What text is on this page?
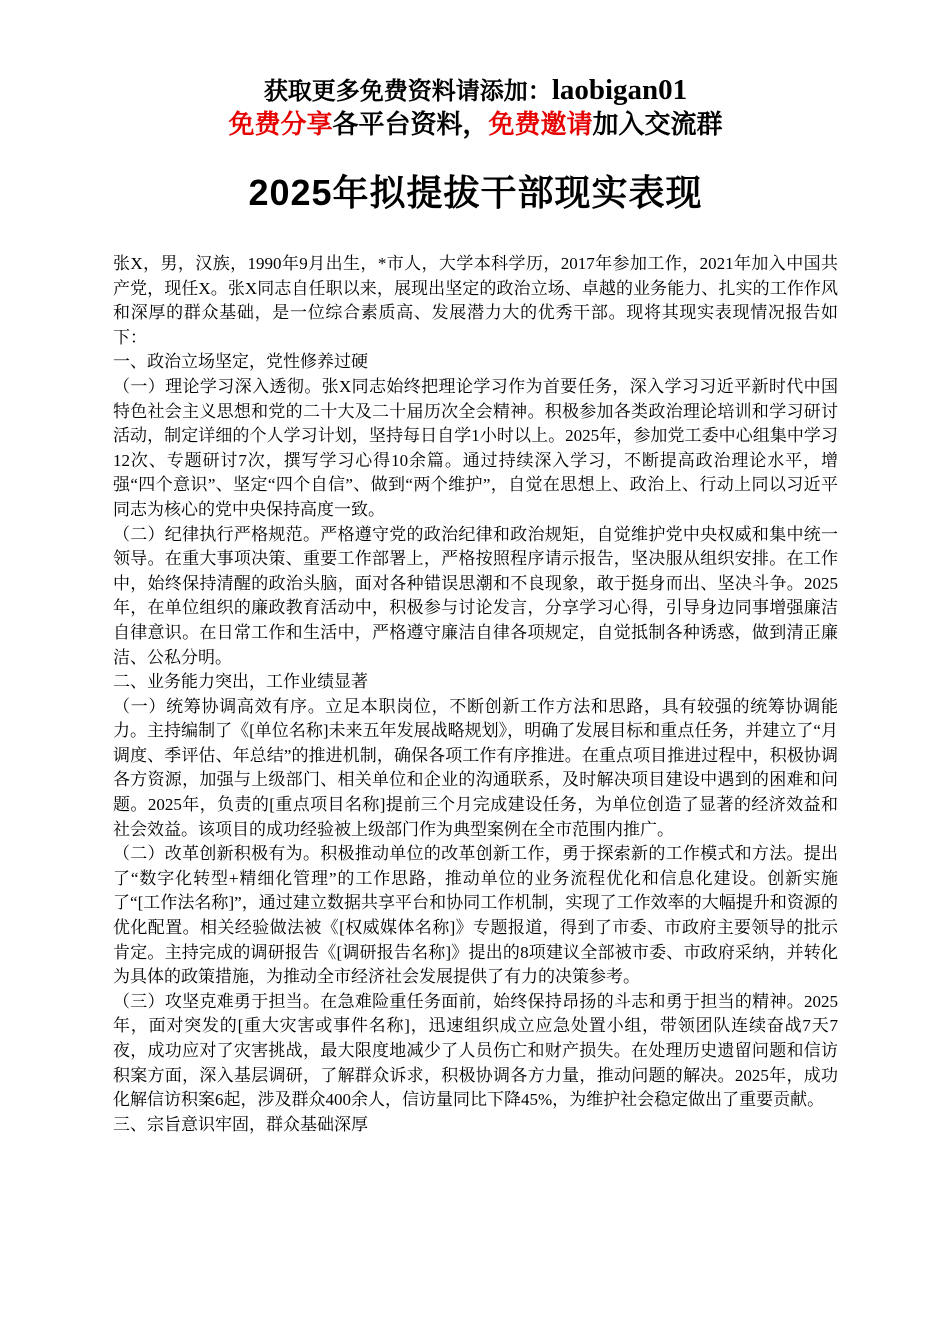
获取更多免费资料请添加：laobigan01
免费分享各平台资料，免费邀请加入交流群
2025年拟提拔干部现实表现

张X，男，汉族，1990年9月出生，*市人，大学本科学历，2017年参加工作，2021年加入中国共产党，现任X。张X同志自任职以来，展现出坚定的政治立场、卓越的业务能力、扎实的工作作风和深厚的群众基础，是一位综合素质高、发展潜力大的优秀干部。现将其现实表现情况报告如下：

一、政治立场坚定，党性修养过硬

（一）理论学习深入透彻。张X同志始终把理论学习作为首要任务，深入学习习近平新时代中国特色社会主义思想和党的二十大及二十届历次全会精神。积极参加各类政治理论培训和学习研讨活动，制定详细的个人学习计划，坚持每日自学1小时以上。2025年，参加党工委中心组集中学习12次、专题研讨7次，撰写学习心得10余篇。通过持续深入学习，不断提高政治理论水平，增强“四个意识”、坚定“四个自信”、做到“两个维护”，自觉在思想上、政治上、行动上同以习近平同志为核心的党中央保持高度一致。

（二）纪律执行严格规范。严格遵守党的政治纪律和政治规矩，自觉维护党中央权威和集中统一领导。在重大事项决策、重要工作部署上，严格按照程序请示报告，坚决服从组织安排。在工作中，始终保持清醒的政治头脑，面对各种错误思潮和不良现象，敢于挺身而出、坚决斗争。2025年，在单位组织的廉政教育活动中，积极参与讨论发言，分享学习心得，引导身边同事增强廉洁自律意识。在日常工作和生活中，严格遵守廉洁自律各项规定，自觉抵制各种诱惑，做到清正廉洁、公私分明。

二、业务能力突出，工作业绩显著

（一）统筹协调高效有序。立足本职岗位，不断创新工作方法和思路，具有较强的统筹协调能力。主持编制了《[单位名称]未来五年发展战略规划》，明确了发展目标和重点任务，并建立了“月调度、季评估、年总结”的推进机制，确保各项工作有序推进。在重点项目推进过程中，积极协调各方资源，加强与上级部门、相关单位和企业的沟通联系，及时解决项目建设中遇到的困难和问题。2025年，负责的[重点项目名称]提前三个月完成建设任务，为单位创造了显著的经济效益和社会效益。该项目的成功经验被上级部门作为典型案例在全市范围内推广。

（二）改革创新积极有为。积极推动单位的改革创新工作，勇于探索新的工作模式和方法。提出了“数字化转型+精细化管理”的工作思路，推动单位的业务流程优化和信息化建设。创新实施了“[工作法名称]”，通过建立数据共享平台和协同工作机制，实现了工作效率的大幅提升和资源的优化配置。相关经验做法被《[权威媒体名称]》专题报道，得到了市委、市政府主要领导的批示肯定。主持完成的调研报告《[调研报告名称]》提出的8项建议全部被市委、市政府采纳，并转化为具体的政策措施，为推动全市经济社会发展提供了有力的决策参考。

（三）攻坚克难勇于担当。在急难险重任务面前，始终保持昂扬的斗志和勇于担当的精神。2025年，面对突发的[重大灾害或事件名称]，迅速组织成立应急处置小组，带领团队连续奋战7天7夜，成功应对了灾害挑战，最大限度地减少了人员伤亡和财产损失。在处理历史遗留问题和信访积案方面，深入基层调研，了解群众诉求，积极协调各方力量，推动问题的解决。2025年，成功化解信访积案6起，涉及群众400余人，信访量同比下降45%，为维护社会稳定做出了重要贡献。

三、宗旨意识牢固，群众基础深厚
